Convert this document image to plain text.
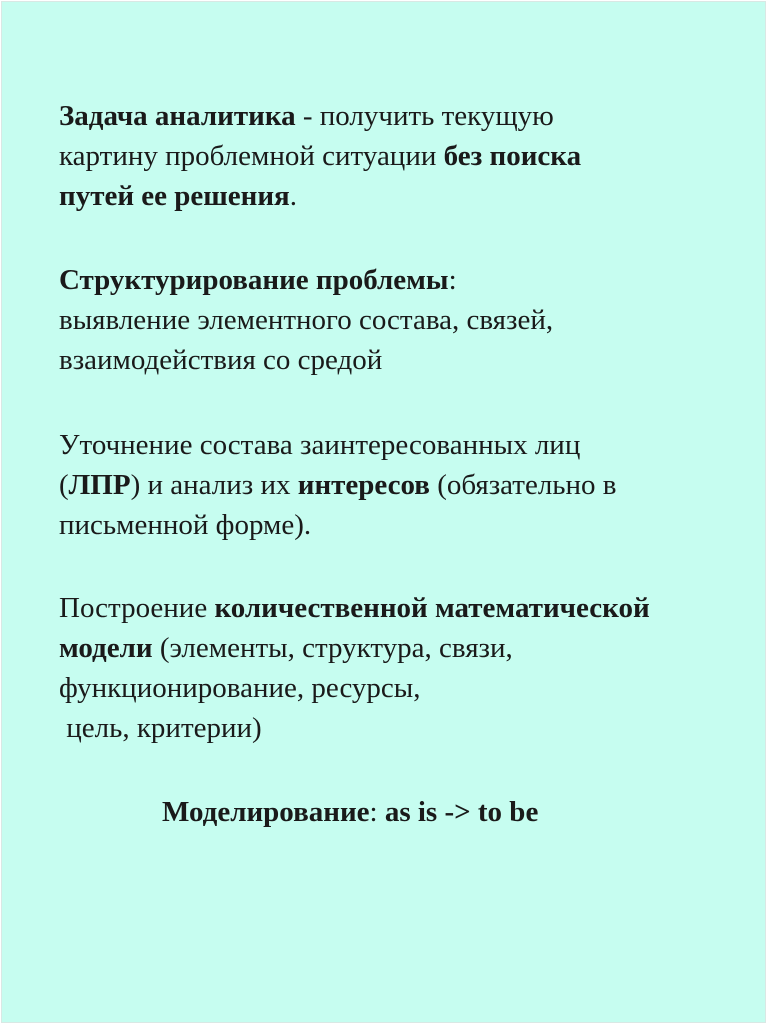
Задача аналитика - получить текущую
картину проблемной ситуации без поиска
путей ее решения.
Структурирование проблемы:
выявление элементного состава, связей,
взаимодействия со средой
Уточнение состава заинтересованных лиц
(ЛПР) и анализ их интересов (обязательно в
письменной форме).
Построение количественной математической
модели (элементы, структура, связи,
функционирование, ресурсы,
цель, критерии)
Моделирование: as is -> to be
